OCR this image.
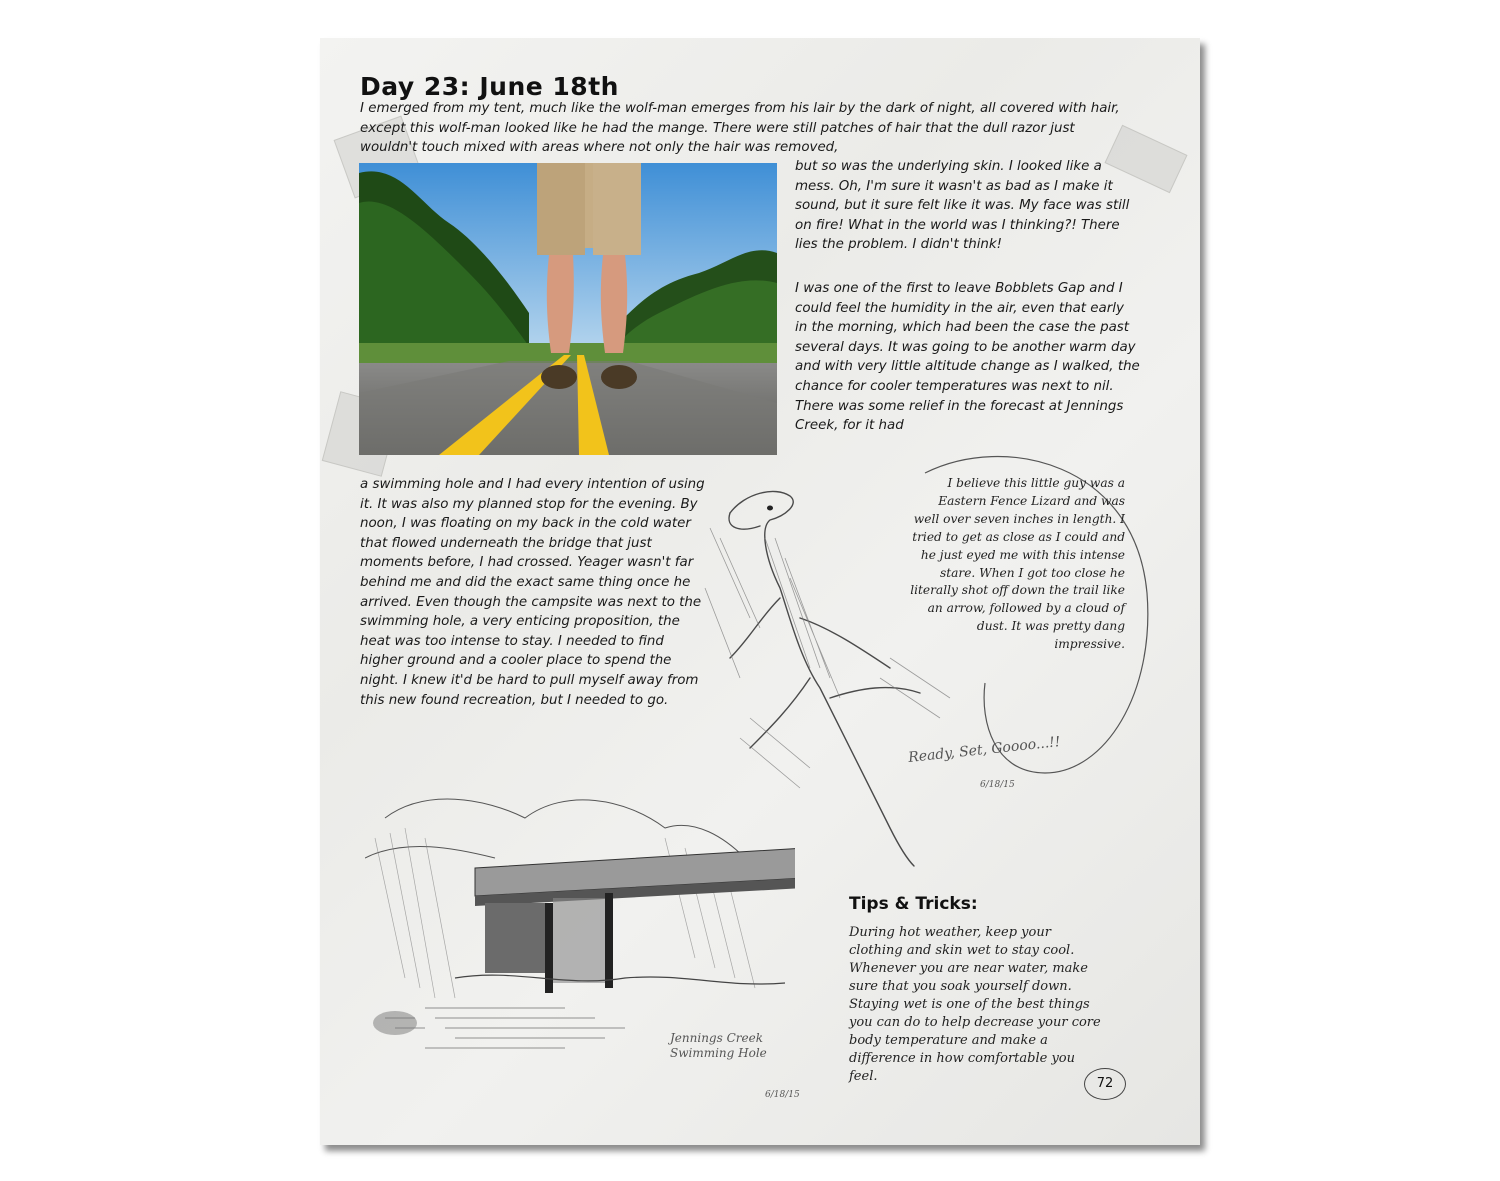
Day 23: June 18th

I emerged from my tent, much like the wolf-man emerges from his lair by the dark of night, all covered with hair, except this wolf-man looked like he had the mange. There were still patches of hair that the dull razor just wouldn't touch mixed with areas where not only the hair was removed,

but so was the underlying skin. I looked like a mess. Oh, I'm sure it wasn't as bad as I make it sound, but it sure felt like it was. My face was still on fire! What in the world was I thinking?! There lies the problem. I didn't think!

I was one of the first to leave Bobblets Gap and I could feel the humidity in the air, even that early in the morning, which had been the case the past several days. It was going to be another warm day and with very little altitude change as I walked, the chance for cooler temperatures was next to nil. There was some relief in the forecast at Jennings Creek, for it had

a swimming hole and I had every intention of using it. It was also my planned stop for the evening. By noon, I was floating on my back in the cold water that flowed underneath the bridge that just moments before, I had crossed. Yeager wasn't far behind me and did the exact same thing once he arrived. Even though the campsite was next to the swimming hole, a very enticing proposition, the heat was too intense to stay. I needed to find higher ground and a cooler place to spend the night. I knew it'd be hard to pull myself away from this new found recreation, but I needed to go.

I believe this little guy was a Eastern Fence Lizard and was well over seven inches in length. I tried to get as close as I could and he just eyed me with this intense stare. When I got too close he literally shot off down the trail like an arrow, followed by a cloud of dust. It was pretty dang impressive.

Ready, Set, Goooo...!!

6/18/15

Jennings Creek Swimming Hole

6/18/15

Tips & Tricks:

During hot weather, keep your clothing and skin wet to stay cool. Whenever you are near water, make sure that you soak yourself down. Staying wet is one of the best things you can do to help decrease your core body temperature and make a difference in how comfortable you feel.	72
